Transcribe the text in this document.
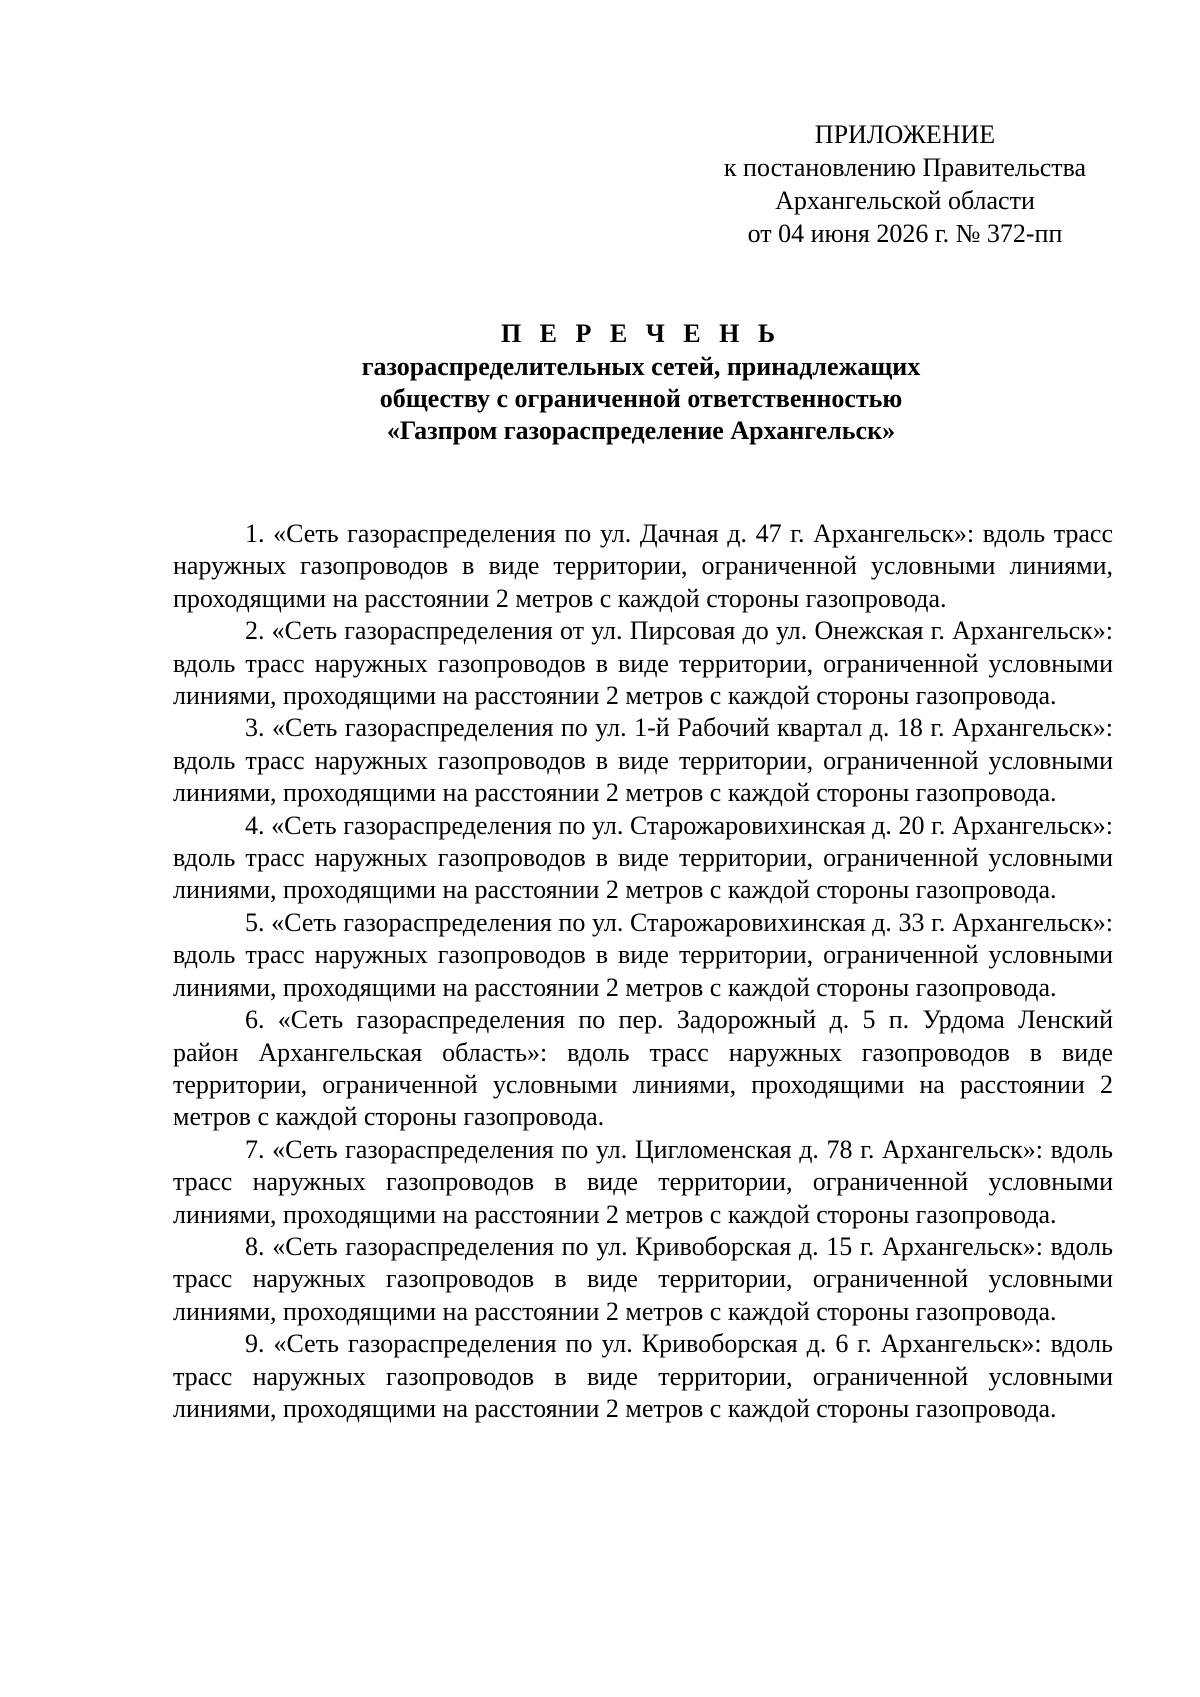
ПРИЛОЖЕНИЕ
к постановлению Правительства
Архангельской области
от 04 июня 2026 г. № 372-пп
П Е Р Е Ч Е Н Ь
газораспределительных сетей, принадлежащих
обществу с ограниченной ответственностью
«Газпром газораспределение Архангельск»

1. «Сеть газораспределения по ул. Дачная д. 47 г. Архангельск»: вдоль трасс наружных газопроводов в виде территории, ограниченной условными линиями, проходящими на расстоянии 2 метров с каждой стороны газопровода.

2. «Сеть газораспределения от ул. Пирсовая до ул. Онежская г. Архангельск»: вдоль трасс наружных газопроводов в виде территории, ограниченной условными линиями, проходящими на расстоянии 2 метров с каждой стороны газопровода.

3. «Сеть газораспределения по ул. 1-й Рабочий квартал д. 18 г. Архангельск»: вдоль трасс наружных газопроводов в виде территории, ограниченной условными линиями, проходящими на расстоянии 2 метров с каждой стороны газопровода.

4. «Сеть газораспределения по ул. Старожаровихинская д. 20 г. Архангельск»: вдоль трасс наружных газопроводов в виде территории, ограниченной условными линиями, проходящими на расстоянии 2 метров с каждой стороны газопровода.

5. «Сеть газораспределения по ул. Старожаровихинская д. 33 г. Архангельск»: вдоль трасс наружных газопроводов в виде территории, ограниченной условными линиями, проходящими на расстоянии 2 метров с каждой стороны газопровода.

6. «Сеть газораспределения по пер. Задорожный д. 5 п. Урдома Ленский район Архангельская область»: вдоль трасс наружных газопроводов в виде территории, ограниченной условными линиями, проходящими на расстоянии 2 метров с каждой стороны газопровода.

7. «Сеть газораспределения по ул. Цигломенская д. 78 г. Архангельск»: вдоль трасс наружных газопроводов в виде территории, ограниченной условными линиями, проходящими на расстоянии 2 метров с каждой стороны газопровода.

8. «Сеть газораспределения по ул. Кривоборская д. 15 г. Архангельск»: вдоль трасс наружных газопроводов в виде территории, ограниченной условными линиями, проходящими на расстоянии 2 метров с каждой стороны газопровода.

9. «Сеть газораспределения по ул. Кривоборская д. 6 г. Архангельск»: вдоль трасс наружных газопроводов в виде территории, ограниченной условными линиями, проходящими на расстоянии 2 метров с каждой стороны газопровода.
